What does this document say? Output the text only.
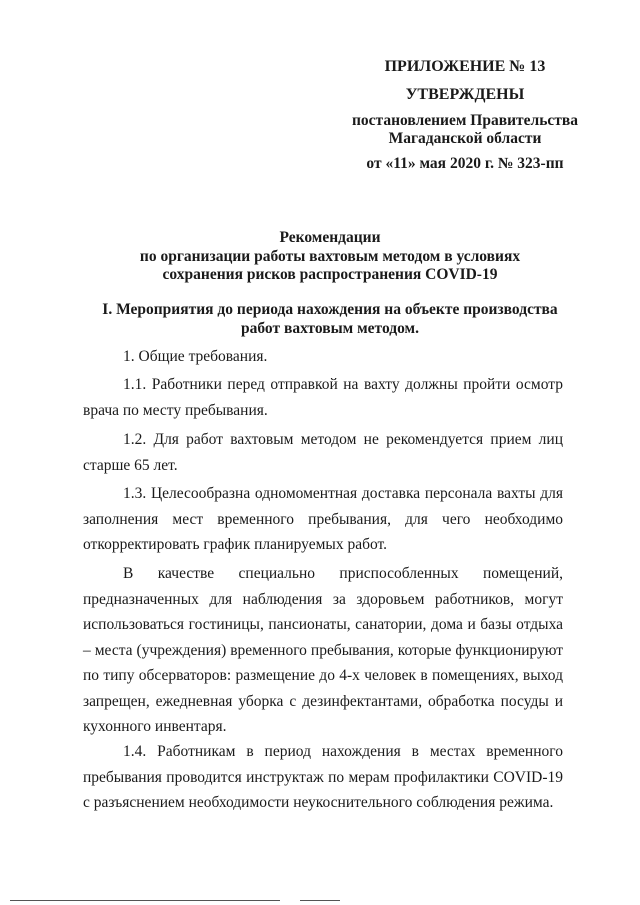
ПРИЛОЖЕНИЕ № 13
УТВЕРЖДЕНЫ
постановлением Правительства
Магаданской области
от «11» мая 2020 г. № 323-пп
Рекомендации
по организации работы вахтовым методом в условиях
сохранения рисков распространения COVID-19
I. Мероприятия до периода нахождения на объекте производства
работ вахтовым методом.

1. Общие требования.

1.1. Работники перед отправкой на вахту должны пройти осмотр врача по месту пребывания.

1.2. Для работ вахтовым методом не рекомендуется прием лиц старше 65 лет.

1.3. Целесообразна одномоментная доставка персонала вахты для заполнения мест временного пребывания, для чего необходимо откорректировать график планируемых работ.

В качестве специально приспособленных помещений, предназначенных для наблюдения за здоровьем работников, могут использоваться гостиницы, пансионаты, санатории, дома и базы отдыха – места (учреждения) временного пребывания, которые функционируют по типу обсерваторов: размещение до 4-х человек в помещениях, выход запрещен, ежедневная уборка с дезинфектантами, обработка посуды и кухонного инвентаря.

1.4. Работникам в период нахождения в местах временного пребывания проводится инструктаж по мерам профилактики COVID-19 с разъяснением необходимости неукоснительного соблюдения режима.
